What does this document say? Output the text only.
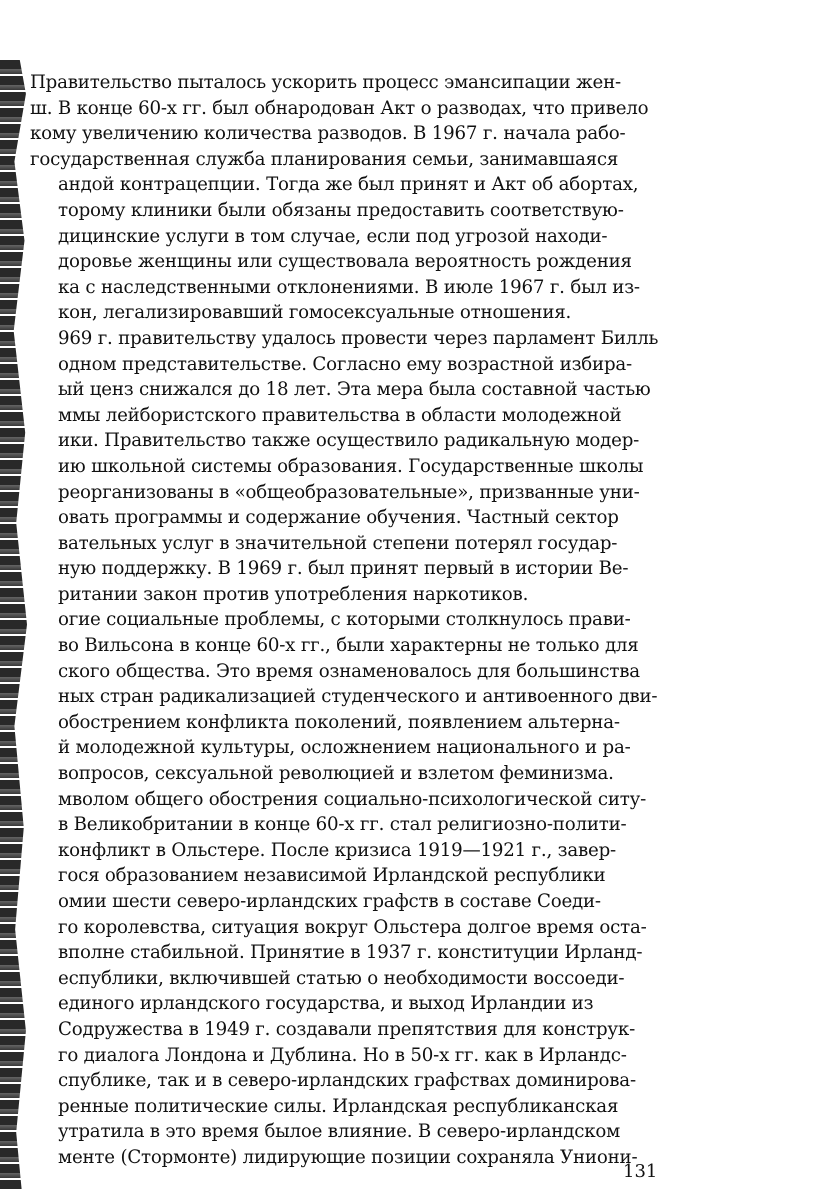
Правительство пыталось ускорить процесс эмансипации жен-
ш. В конце 60-х гг. был обнародован Акт о разводах, что привело
кому увеличению количества разводов. В 1967 г. начала рабо-
государственная служба планирования семьи, занимавшаяся
андой контрацепции. Тогда же был принят и Акт об абортах,
торому клиники были обязаны предоставить соответствую-
дицинские услуги в том случае, если под угрозой находи-
доровье женщины или существовала вероятность рождения
ка с наследственными отклонениями. В июле 1967 г. был из-
кон, легализировавший гомосексуальные отношения.
969 г. правительству удалось провести через парламент Билль
одном представительстве. Согласно ему возрастной избира-
ый ценз снижался до 18 лет. Эта мера была составной частью
ммы лейбористского правительства в области молодежной
ики. Правительство также осуществило радикальную модер-
ию школьной системы образования. Государственные школы
реорганизованы в «общеобразовательные», призванные уни-
овать программы и содержание обучения. Частный сектор
вательных услуг в значительной степени потерял государ-
ную поддержку. В 1969 г. был принят первый в истории Ве-
ритании закон против употребления наркотиков.
огие социальные проблемы, с которыми столкнулось прави-
во Вильсона в конце 60-х гг., были характерны не только для
ского общества. Это время ознаменовалось для большинства
ных стран радикализацией студенческого и антивоенного дви-
обострением конфликта поколений, появлением альтерна-
й молодежной культуры, осложнением национального и ра-
вопросов, сексуальной революцией и взлетом феминизма.
мволом общего обострения социально-психологической ситу-
в Великобритании в конце 60-х гг. стал религиозно-полити-
конфликт в Ольстере. После кризиса 1919—1921 г., завер-
гося образованием независимой Ирландской республики
омии шести северо-ирландских графств в составе Соеди-
го королевства, ситуация вокруг Ольстера долгое время оста-
вполне стабильной. Принятие в 1937 г. конституции Ирланд-
еспублики, включившей статью о необходимости воссоеди-
единого ирландского государства, и выход Ирландии из
Содружества в 1949 г. создавали препятствия для конструк-
го диалога Лондона и Дублина. Но в 50-х гг. как в Ирландс-
спублике, так и в северо-ирландских графствах доминирова-
ренные политические силы. Ирландская республиканская
утратила в это время былое влияние. В северо-ирландском
менте (Стормонте) лидирующие позиции сохраняла Униони-
131
